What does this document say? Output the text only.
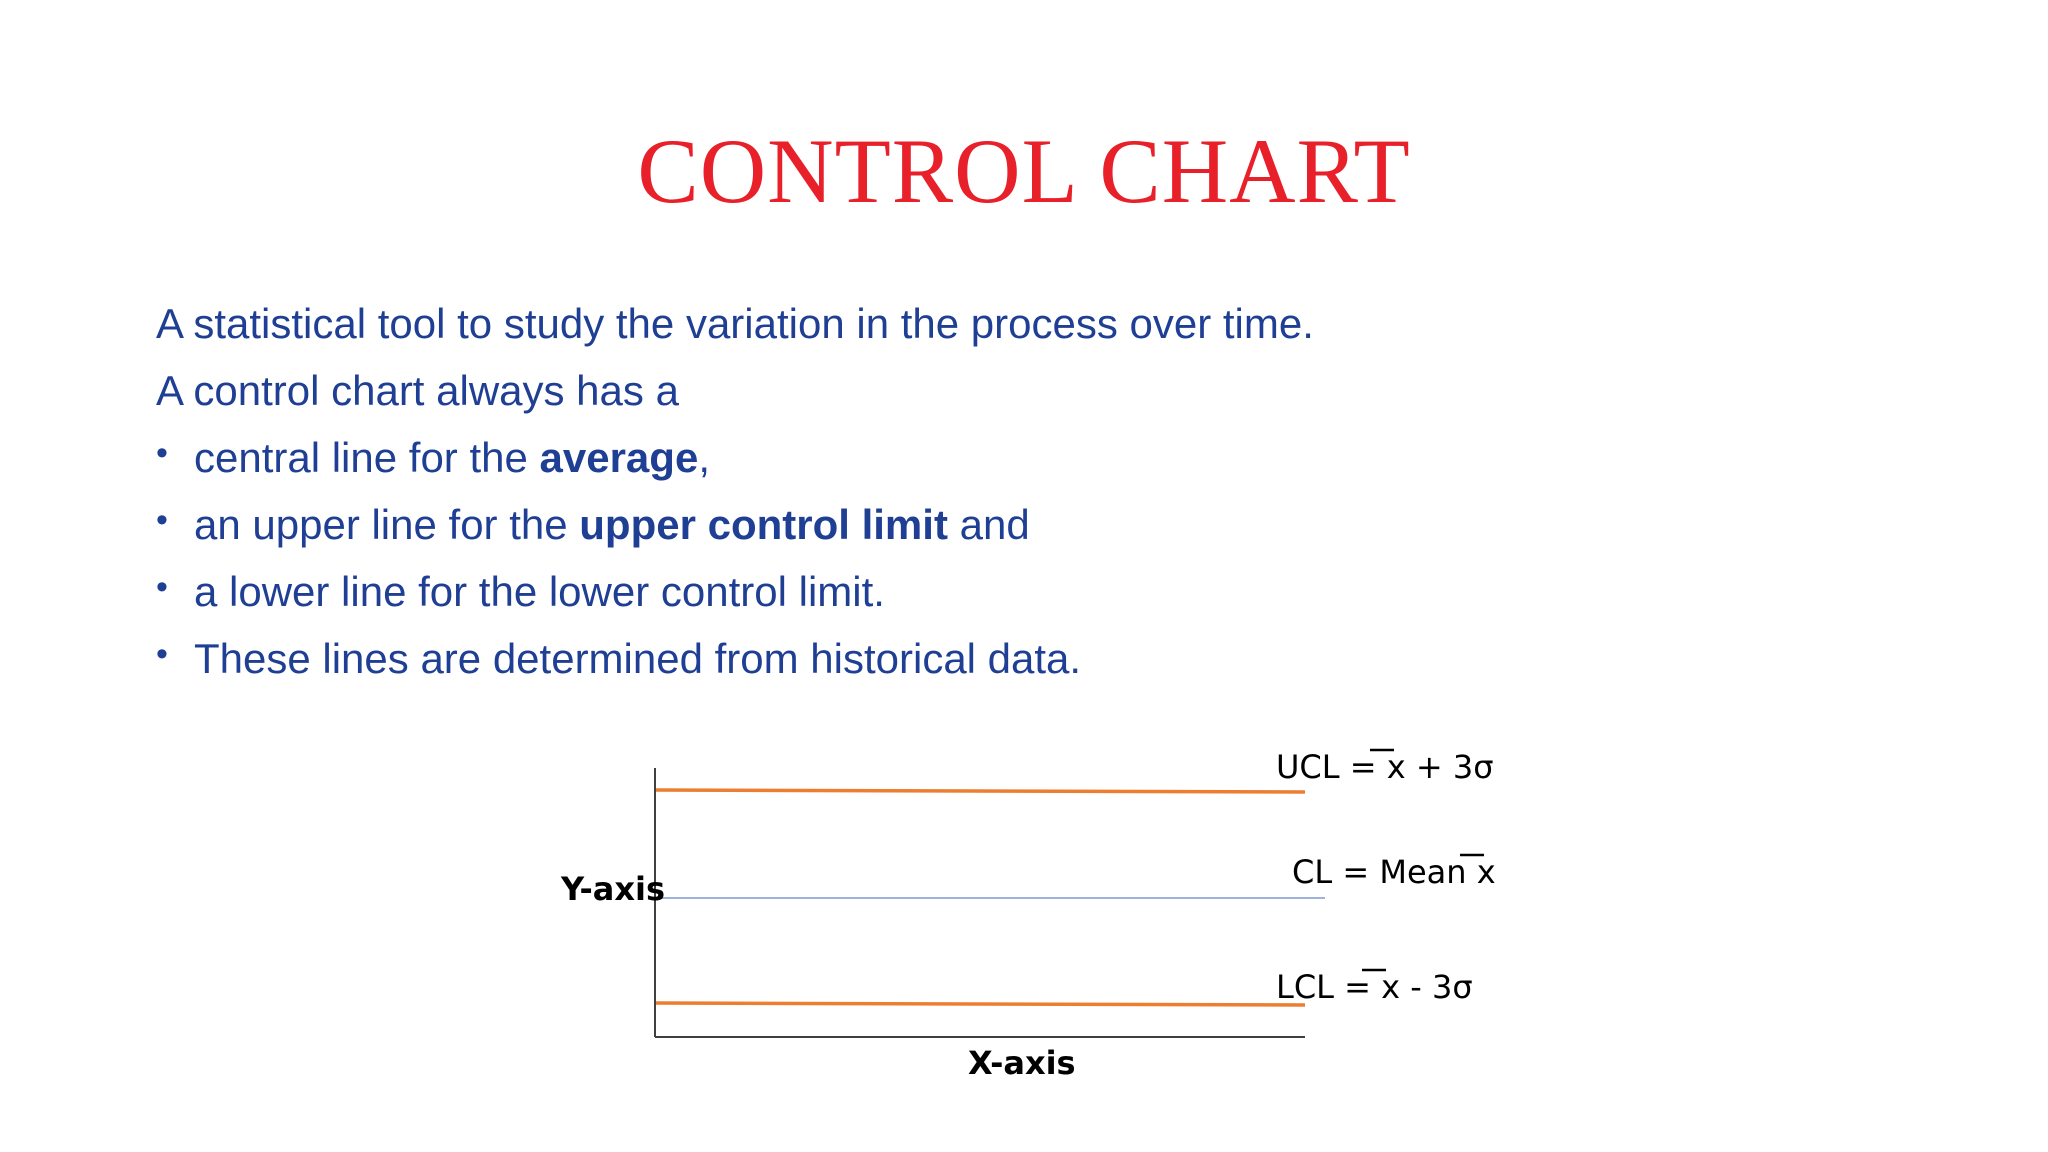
CONTROL CHART
A statistical tool to study the variation in the process over time.
A control chart always has a
• central line for the average,
• an upper line for the upper control limit and
• a lower line for the lower control limit.
• These lines are determined from historical data.
Y-axis
X-axis
UCL = x + 3σ
CL = Mean x
LCL = x - 3σ
